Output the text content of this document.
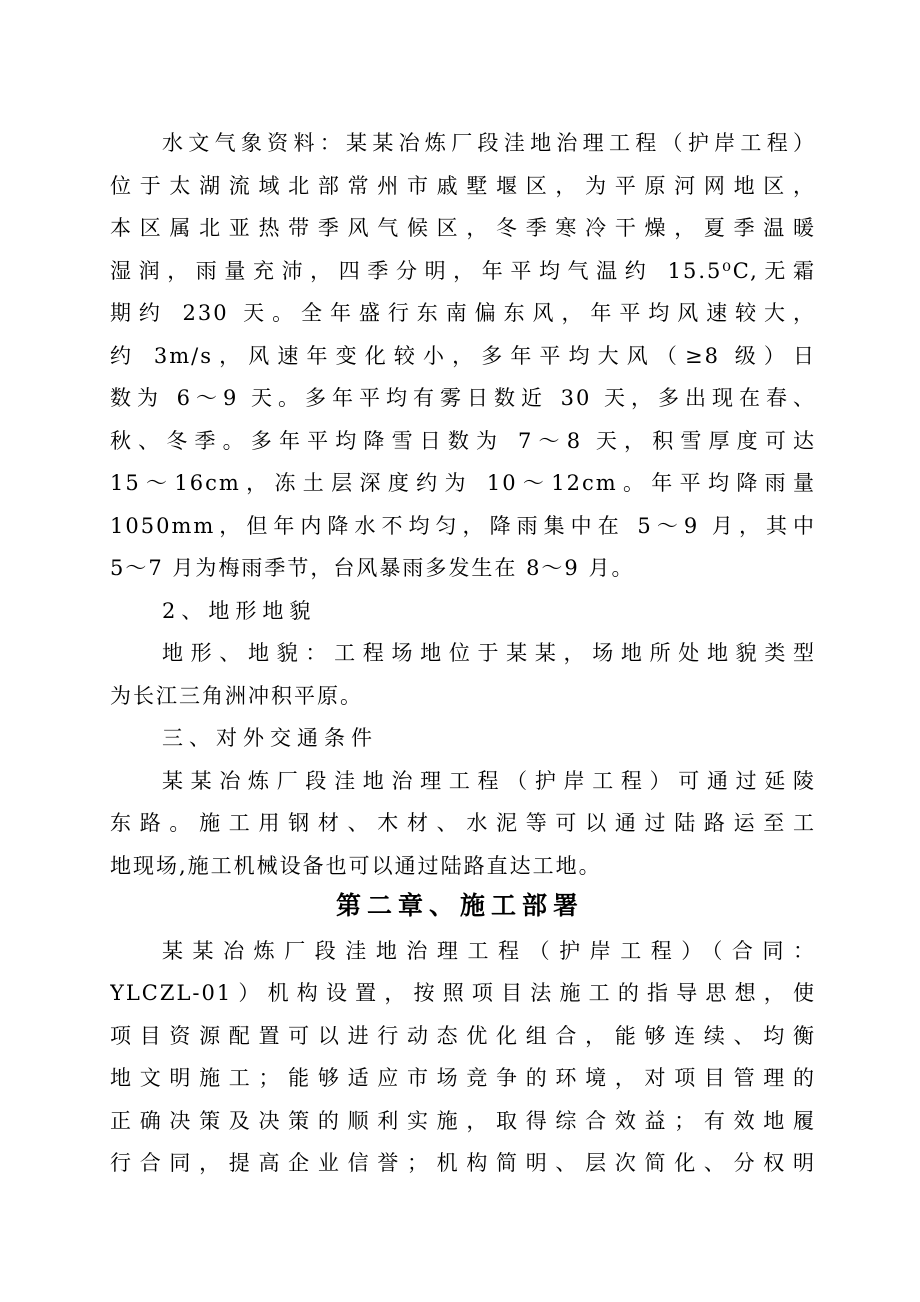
水文气象资料：某某冶炼厂段洼地治理工程（护岸工程）
位于太湖流域北部常州市戚墅堰区，为平原河网地区，
本区属北亚热带季风气候区，冬季寒冷干燥，夏季温暖
湿润，雨量充沛，四季分明，年平均气温约 15.5⁰C,无霜
期约 230 天。全年盛行东南偏东风，年平均风速较大，
约 3m/s，风速年变化较小，多年平均大风（≥8 级）日
数为 6～9 天。多年平均有雾日数近 30 天，多出现在春、
秋、冬季。多年平均降雪日数为 7～8 天，积雪厚度可达
15～16cm，冻土层深度约为 10～12cm。年平均降雨量
1050mm，但年内降水不均匀，降雨集中在 5～9 月，其中
5～7 月为梅雨季节，台风暴雨多发生在 8～9 月。
2、地形地貌
地形、地貌：工程场地位于某某，场地所处地貌类型
为长江三角洲冲积平原。
三、对外交通条件
某某冶炼厂段洼地治理工程（护岸工程）可通过延陵
东路。施工用钢材、木材、水泥等可以通过陆路运至工
地现场,施工机械设备也可以通过陆路直达工地。
第二章、施工部署
某某冶炼厂段洼地治理工程（护岸工程）（合同：
YLCZL-01）机构设置，按照项目法施工的指导思想，使
项目资源配置可以进行动态优化组合，能够连续、均衡
地文明施工；能够适应市场竞争的环境，对项目管理的
正确决策及决策的顺利实施，取得综合效益；有效地履
行合同，提高企业信誉；机构简明、层次简化、分权明
